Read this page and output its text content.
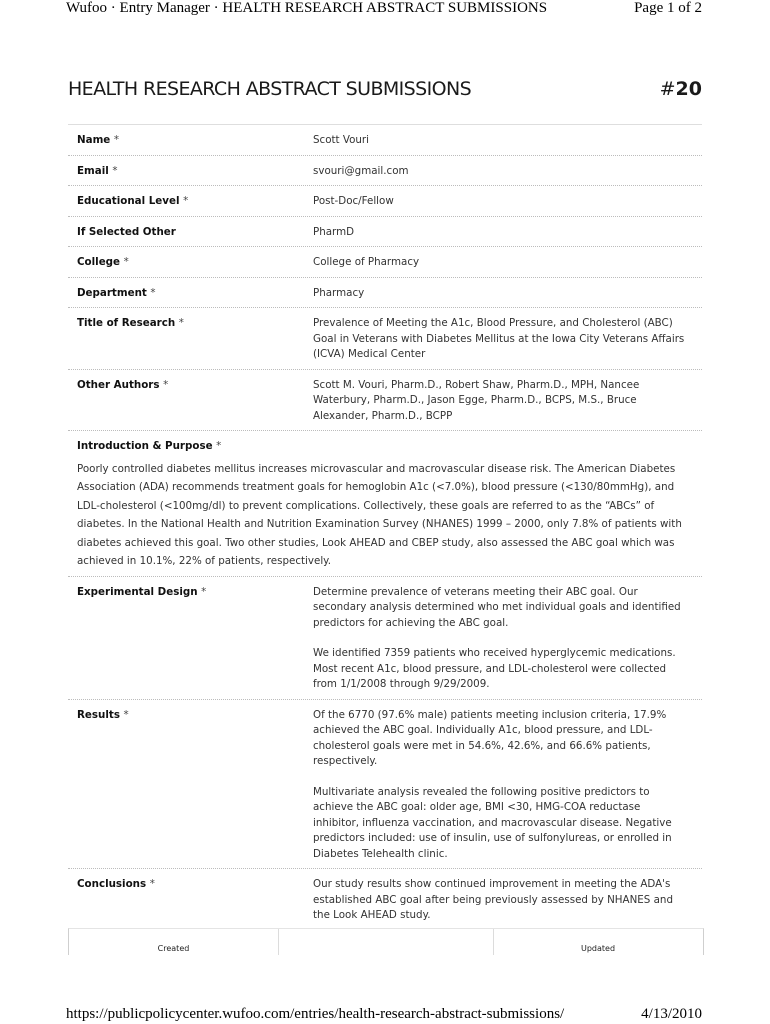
Wufoo · Entry Manager · HEALTH RESEARCH ABSTRACT SUBMISSIONS	Page 1 of 2
HEALTH RESEARCH ABSTRACT SUBMISSIONS	#20
Name *	Scott Vouri
Email *	svouri@gmail.com
Educational Level *	Post-Doc/Fellow
If Selected Other	PharmD
College *	College of Pharmacy
Department *	Pharmacy
Title of Research *	Prevalence of Meeting the A1c, Blood Pressure, and Cholesterol (ABC) Goal in Veterans with Diabetes Mellitus at the Iowa City Veterans Affairs (ICVA) Medical Center
Other Authors *	Scott M. Vouri, Pharm.D., Robert Shaw, Pharm.D., MPH, Nancee Waterbury, Pharm.D., Jason Egge, Pharm.D., BCPS, M.S., Bruce Alexander, Pharm.D., BCPP
Introduction & Purpose *
Poorly controlled diabetes mellitus increases microvascular and macrovascular disease risk. The American Diabetes Association (ADA) recommends treatment goals for hemoglobin A1c (<7.0%), blood pressure (<130/80mmHg), and LDL-cholesterol (<100mg/dl) to prevent complications. Collectively, these goals are referred to as the “ABCs” of diabetes. In the National Health and Nutrition Examination Survey (NHANES) 1999 – 2000, only 7.8% of patients with diabetes achieved this goal. Two other studies, Look AHEAD and CBEP study, also assessed the ABC goal which was achieved in 10.1%, 22% of patients, respectively.
Experimental Design *	Determine prevalence of veterans meeting their ABC goal. Our secondary analysis determined who met individual goals and identified predictors for achieving the ABC goal.

We identified 7359 patients who received hyperglycemic medications. Most recent A1c, blood pressure, and LDL-cholesterol were collected from 1/1/2008 through 9/29/2009.

Results *	Of the 6770 (97.6% male) patients meeting inclusion criteria, 17.9% achieved the ABC goal. Individually A1c, blood pressure, and LDL-cholesterol goals were met in 54.6%, 42.6%, and 66.6% patients, respectively.

Multivariate analysis revealed the following positive predictors to achieve the ABC goal: older age, BMI <30, HMG-COA reductase inhibitor, influenza vaccination, and macrovascular disease. Negative predictors included: use of insulin, use of sulfonylureas, or enrolled in Diabetes Telehealth clinic.

Conclusions *	Our study results show continued improvement in meeting the ADA's established ABC goal after being previously assessed by NHANES and the Look AHEAD study.
Created	Updated
https://publicpolicycenter.wufoo.com/entries/health-research-abstract-submissions/	4/13/2010
